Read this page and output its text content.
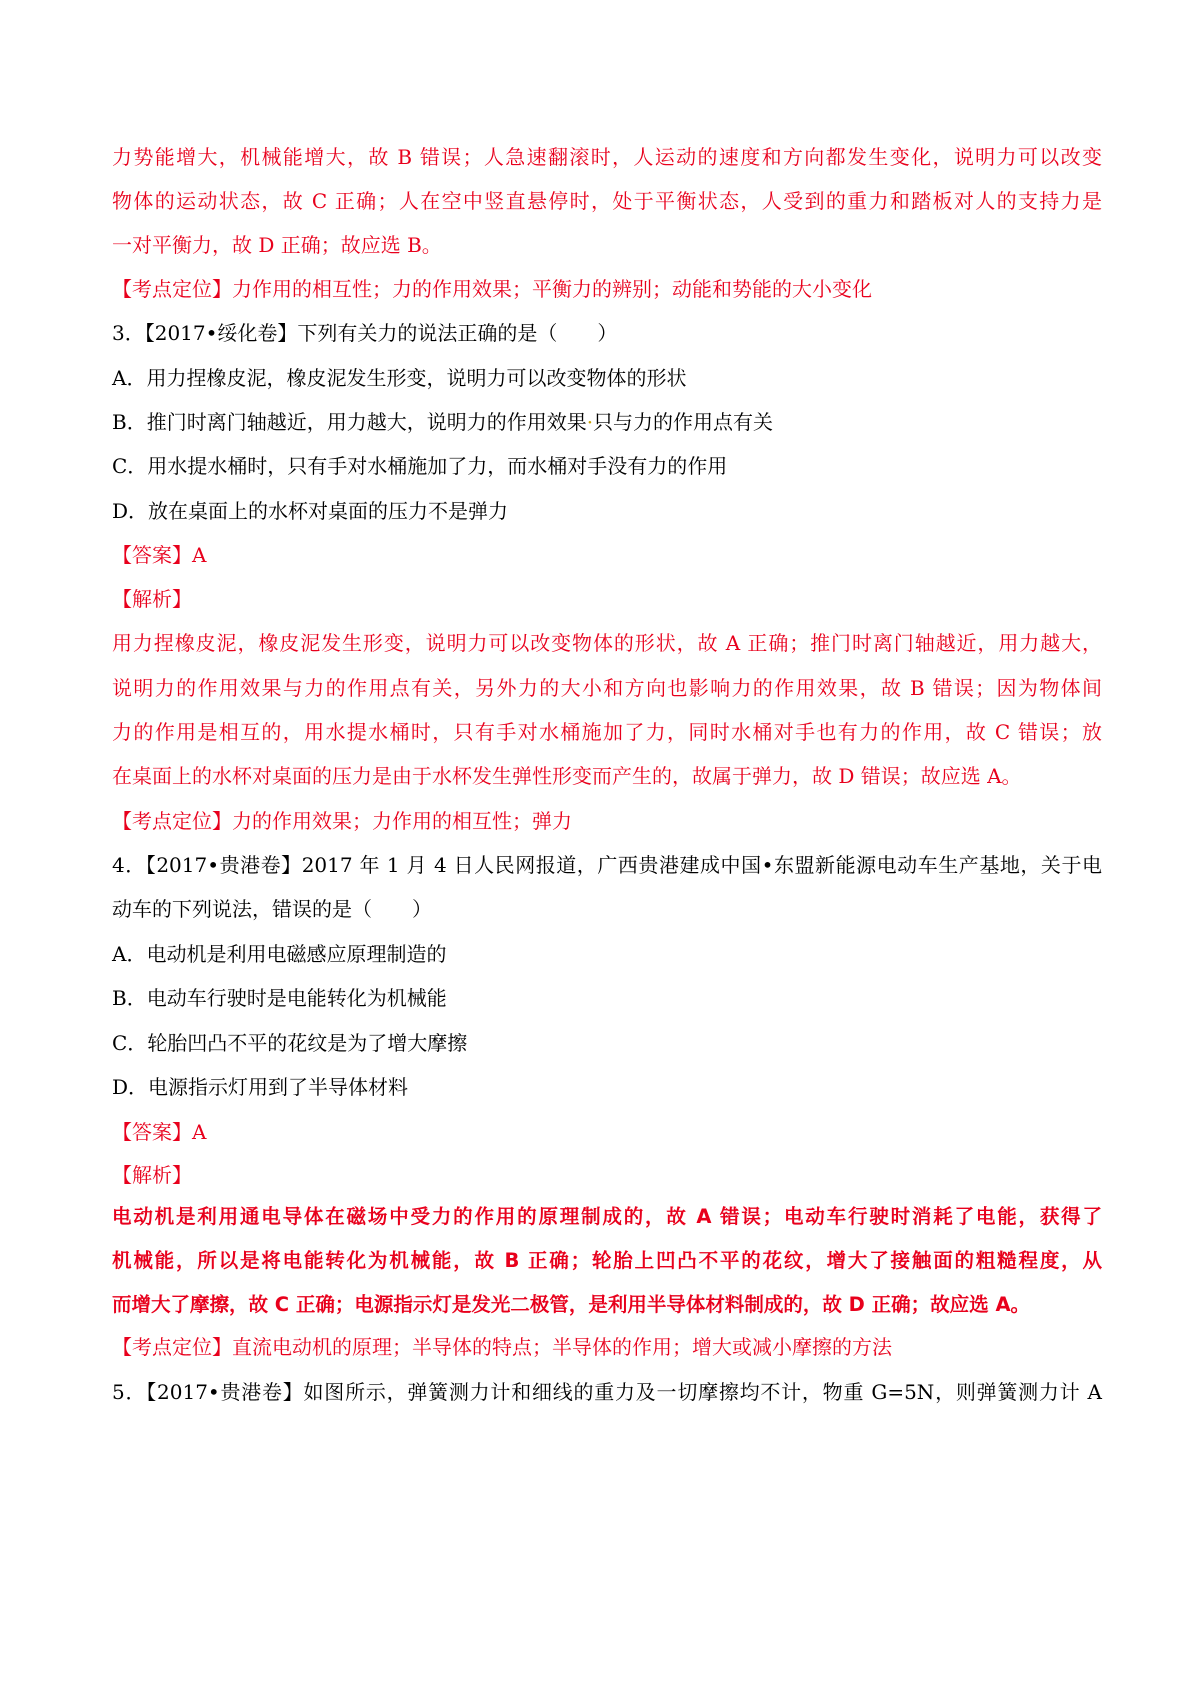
力势能增大，机械能增大，故 B 错误；人急速翻滚时，人运动的速度和方向都发生变化，说明力可以改变
物体的运动状态，故 C 正确；人在空中竖直悬停时，处于平衡状态，人受到的重力和踏板对人的支持力是
一对平衡力，故 D 正确；故应选 B。
【考点定位】力作用的相互性；力的作用效果；平衡力的辨别；动能和势能的大小变化
3．【2017•绥化卷】下列有关力的说法正确的是（　　）
A．用力捏橡皮泥，橡皮泥发生形变，说明力可以改变物体的形状
B．推门时离门轴越近，用力越大，说明力的作用效果·只与力的作用点有关
C．用水提水桶时，只有手对水桶施加了力，而水桶对手没有力的作用
D．放在桌面上的水杯对桌面的压力不是弹力
【答案】A
【解析】
用力捏橡皮泥，橡皮泥发生形变，说明力可以改变物体的形状，故 A 正确；推门时离门轴越近，用力越大，
说明力的作用效果与力的作用点有关，另外力的大小和方向也影响力的作用效果，故 B 错误；因为物体间
力的作用是相互的，用水提水桶时，只有手对水桶施加了力，同时水桶对手也有力的作用，故 C 错误；放
在桌面上的水杯对桌面的压力是由于水杯发生弹性形变而产生的，故属于弹力，故 D 错误；故应选 A。
【考点定位】力的作用效果；力作用的相互性；弹力
4．【2017•贵港卷】2017 年 1 月 4 日人民网报道，广西贵港建成中国•东盟新能源电动车生产基地，关于电
动车的下列说法，错误的是（　　）
A．电动机是利用电磁感应原理制造的
B．电动车行驶时是电能转化为机械能
C．轮胎凹凸不平的花纹是为了增大摩擦
D．电源指示灯用到了半导体材料
【答案】A
【解析】
电动机是利用通电导体在磁场中受力的作用的原理制成的，故 A 错误；电动车行驶时消耗了电能，获得了
机械能，所以是将电能转化为机械能，故 B 正确；轮胎上凹凸不平的花纹，增大了接触面的粗糙程度，从
而增大了摩擦，故 C 正确；电源指示灯是发光二极管，是利用半导体材料制成的，故 D 正确；故应选 A。
【考点定位】直流电动机的原理；半导体的特点；半导体的作用；增大或减小摩擦的方法
5．【2017•贵港卷】如图所示，弹簧测力计和细线的重力及一切摩擦均不计，物重 G=5N，则弹簧测力计 A
